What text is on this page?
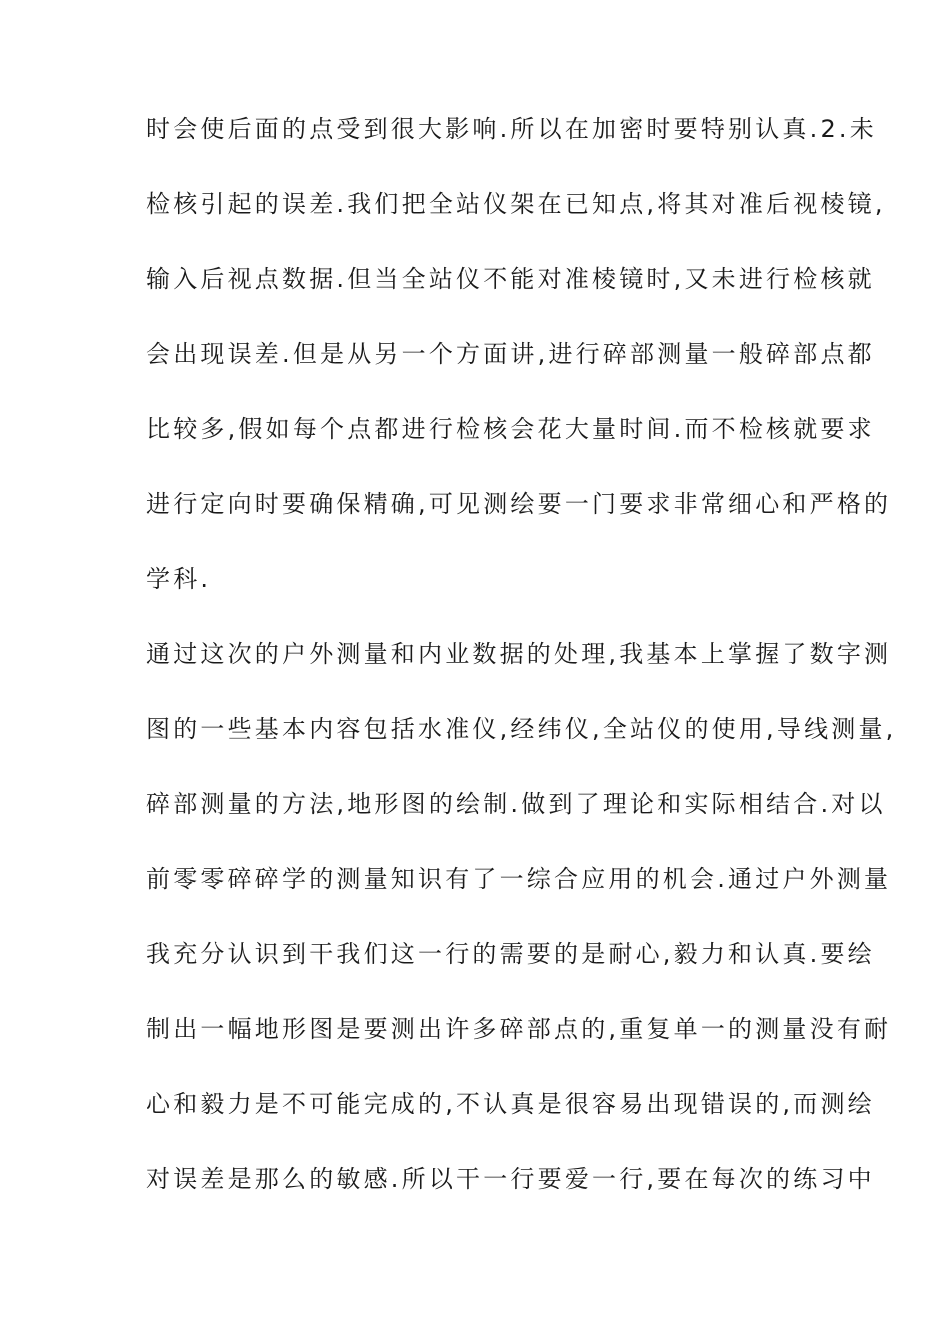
时会使后面的点受到很大影响.所以在加密时要特别认真.2.未
检核引起的误差.我们把全站仪架在已知点,将其对准后视棱镜,
输入后视点数据.但当全站仪不能对准棱镜时,又未进行检核就
会出现误差.但是从另一个方面讲,进行碎部测量一般碎部点都
比较多,假如每个点都进行检核会花大量时间.而不检核就要求
进行定向时要确保精确,可见测绘要一门要求非常细心和严格的
学科.
通过这次的户外测量和内业数据的处理,我基本上掌握了数字测
图的一些基本内容包括水准仪,经纬仪,全站仪的使用,导线测量,
碎部测量的方法,地形图的绘制.做到了理论和实际相结合.对以
前零零碎碎学的测量知识有了一综合应用的机会.通过户外测量
我充分认识到干我们这一行的需要的是耐心,毅力和认真.要绘
制出一幅地形图是要测出许多碎部点的,重复单一的测量没有耐
心和毅力是不可能完成的,不认真是很容易出现错误的,而测绘
对误差是那么的敏感.所以干一行要爱一行,要在每次的练习中
